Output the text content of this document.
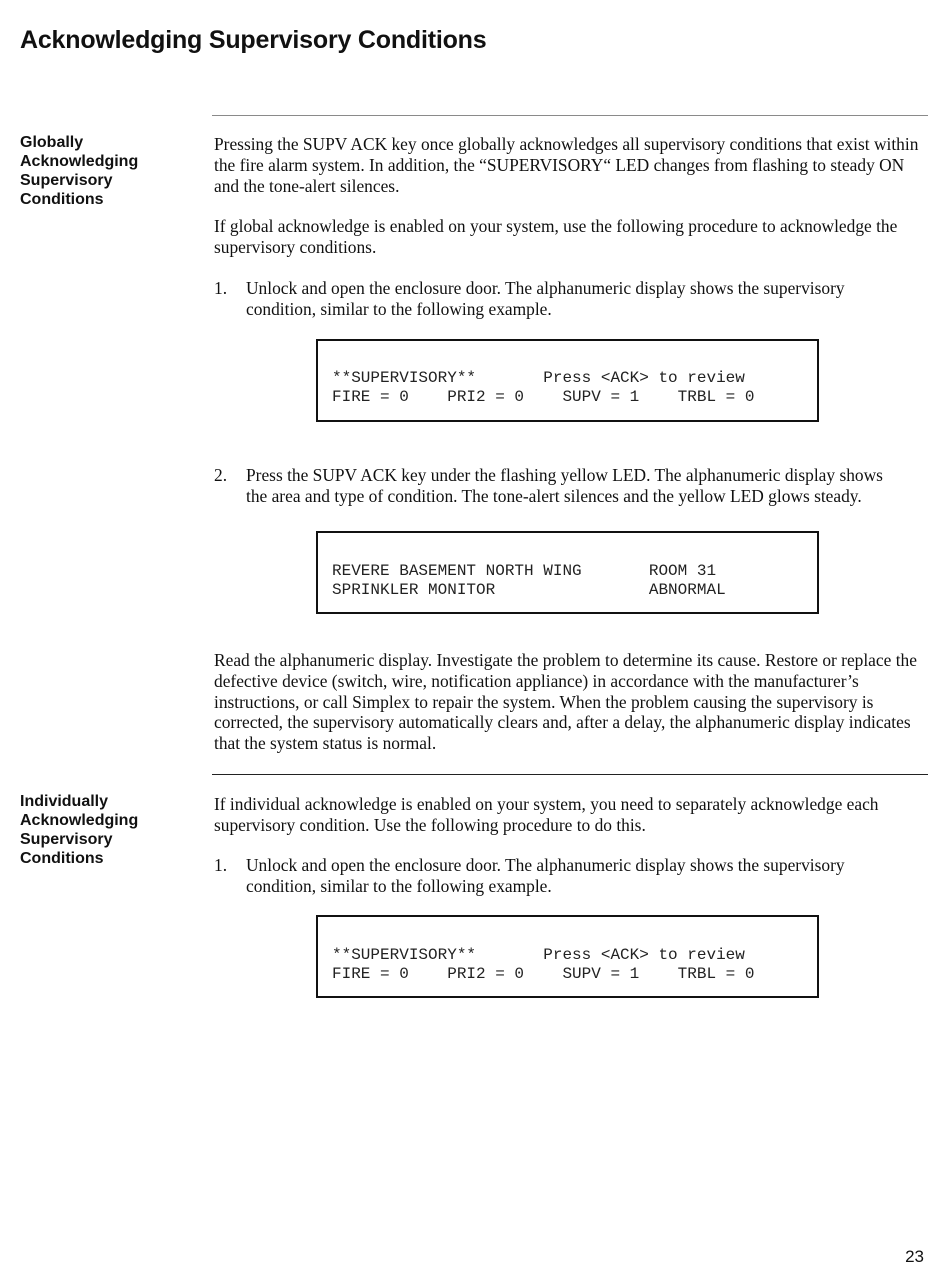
Acknowledging Supervisory Conditions
Globally
Acknowledging
Supervisory
Conditions

Pressing the SUPV ACK key once globally acknowledges all supervisory conditions that exist within the fire alarm system. In addition, the “SUPERVISORY“ LED changes from flashing to steady ON and the tone-alert silences.

If global acknowledge is enabled on your system, use the following procedure to acknowledge the supervisory conditions.

1. Unlock and open the enclosure door. The alphanumeric display shows the supervisory condition, similar to the following example.
**SUPERVISORY**       Press <ACK> to review
FIRE = 0    PRI2 = 0    SUPV = 1    TRBL = 0
2. Press the SUPV ACK key under the flashing yellow LED. The alphanumeric display shows the area and type of condition. The tone-alert silences and the yellow LED glows steady.
REVERE BASEMENT NORTH WING       ROOM 31
SPRINKLER MONITOR                ABNORMAL

Read the alphanumeric display. Investigate the problem to determine its cause. Restore or replace the defective device (switch, wire, notification appliance) in accordance with the manufacturer’s instructions, or call Simplex to repair the system. When the problem causing the supervisory is corrected, the supervisory automatically clears and, after a delay, the alphanumeric display indicates that the system status is normal.

Individually
Acknowledging
Supervisory
Conditions

If individual acknowledge is enabled on your system, you need to separately acknowledge each supervisory condition. Use the following procedure to do this.

1. Unlock and open the enclosure door. The alphanumeric display shows the supervisory condition, similar to the following example.
**SUPERVISORY**       Press <ACK> to review
FIRE = 0    PRI2 = 0    SUPV = 1    TRBL = 0
23
